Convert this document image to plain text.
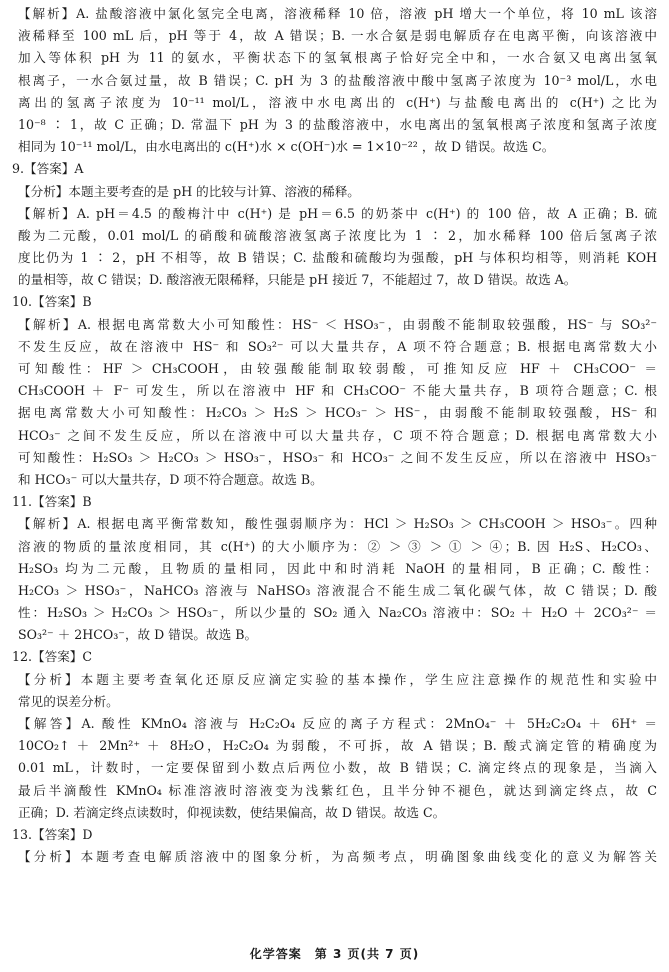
【解析】A. 盐酸溶液中氯化氢完全电离，溶液稀释 10 倍，溶液 pH 增大一个单位，将 10 mL 该溶
液稀释至 100 mL 后，pH 等于 4，故 A 错误；B. 一水合氨是弱电解质存在电离平衡，向该溶液中
加入等体积 pH 为 11 的氨水，平衡状态下的氢氧根离子恰好完全中和，一水合氨又电离出氢氧
根离子，一水合氨过量，故 B 错误；C. pH 为 3 的盐酸溶液中酸中氢离子浓度为 10⁻³ mol/L，水电
离出的氢离子浓度为 10⁻¹¹ mol/L，溶液中水电离出的 c(H⁺) 与盐酸电离出的 c(H⁺) 之比为
10⁻⁸ ∶ 1，故 C 正确；D. 常温下 pH 为 3 的盐酸溶液中，水电离出的氢氧根离子浓度和氢离子浓度
相同为 10⁻¹¹ mol/L，由水电离出的 c(H⁺)水 × c(OH⁻)水 = 1×10⁻²² ，故 D 错误。故选 C。
9.【答案】A
【分析】本题主要考查的是 pH 的比较与计算、溶液的稀释。
【解析】A. pH＝4.5 的酸梅汁中 c(H⁺) 是 pH＝6.5 的奶茶中 c(H⁺) 的 100 倍，故 A 正确；B. 硫
酸为二元酸，0.01 mol/L 的硝酸和硫酸溶液氢离子浓度比为 1 ∶ 2，加水稀释 100 倍后氢离子浓
度比仍为 1 ∶ 2，pH 不相等，故 B 错误；C. 盐酸和硫酸均为强酸，pH 与体积均相等，则消耗 KOH
的量相等，故 C 错误；D. 酸溶液无限稀释，只能是 pH 接近 7，不能超过 7，故 D 错误。故选 A。
10.【答案】B
【解析】A. 根据电离常数大小可知酸性：HS⁻ ＜ HSO₃⁻，由弱酸不能制取较强酸，HS⁻ 与 SO₃²⁻
不发生反应，故在溶液中 HS⁻ 和 SO₃²⁻ 可以大量共存，A 项不符合题意；B. 根据电离常数大小
可知酸性：HF ＞ CH₃COOH，由较强酸能制取较弱酸，可推知反应 HF ＋ CH₃COO⁻ ＝
CH₃COOH ＋ F⁻ 可发生，所以在溶液中 HF 和 CH₃COO⁻ 不能大量共存，B 项符合题意；C. 根
据电离常数大小可知酸性：H₂CO₃ ＞ H₂S ＞ HCO₃⁻ ＞ HS⁻，由弱酸不能制取较强酸，HS⁻ 和
HCO₃⁻ 之间不发生反应，所以在溶液中可以大量共存，C 项不符合题意；D. 根据电离常数大小
可知酸性：H₂SO₃ ＞ H₂CO₃ ＞ HSO₃⁻，HSO₃⁻ 和 HCO₃⁻ 之间不发生反应，所以在溶液中 HSO₃⁻
和 HCO₃⁻ 可以大量共存，D 项不符合题意。故选 B。
11.【答案】B
【解析】A. 根据电离平衡常数知，酸性强弱顺序为：HCl ＞ H₂SO₃ ＞ CH₃COOH ＞ HSO₃⁻。四种
溶液的物质的量浓度相同，其 c(H⁺) 的大小顺序为：② ＞ ③ ＞ ① ＞ ④；B. 因 H₂S、H₂CO₃、
H₂SO₃ 均为二元酸，且物质的量相同，因此中和时消耗 NaOH 的量相同，B 正确；C. 酸性：
H₂CO₃ ＞ HSO₃⁻，NaHCO₃ 溶液与 NaHSO₃ 溶液混合不能生成二氧化碳气体，故 C 错误；D. 酸
性：H₂SO₃ ＞ H₂CO₃ ＞ HSO₃⁻，所以少量的 SO₂ 通入 Na₂CO₃ 溶液中：SO₂ ＋ H₂O ＋ 2CO₃²⁻ ＝
SO₃²⁻ ＋ 2HCO₃⁻，故 D 错误。故选 B。
12.【答案】C
【分析】本题主要考查氧化还原反应滴定实验的基本操作，学生应注意操作的规范性和实验中
常见的误差分析。
【解答】A. 酸性 KMnO₄ 溶液与 H₂C₂O₄ 反应的离子方程式：2MnO₄⁻ ＋ 5H₂C₂O₄ ＋ 6H⁺ ＝
10CO₂↑ ＋ 2Mn²⁺ ＋ 8H₂O，H₂C₂O₄ 为弱酸，不可拆，故 A 错误；B. 酸式滴定管的精确度为
0.01 mL，计数时，一定要保留到小数点后两位小数，故 B 错误；C. 滴定终点的现象是，当滴入
最后半滴酸性 KMnO₄ 标准溶液时溶液变为浅紫红色，且半分钟不褪色，就达到滴定终点，故 C
正确；D. 若滴定终点读数时，仰视读数，使结果偏高，故 D 错误。故选 C。
13.【答案】D
【分析】本题考查电解质溶液中的图象分析，为高频考点，明确图象曲线变化的意义为解答关
化学答案　第 3 页(共 7 页)
